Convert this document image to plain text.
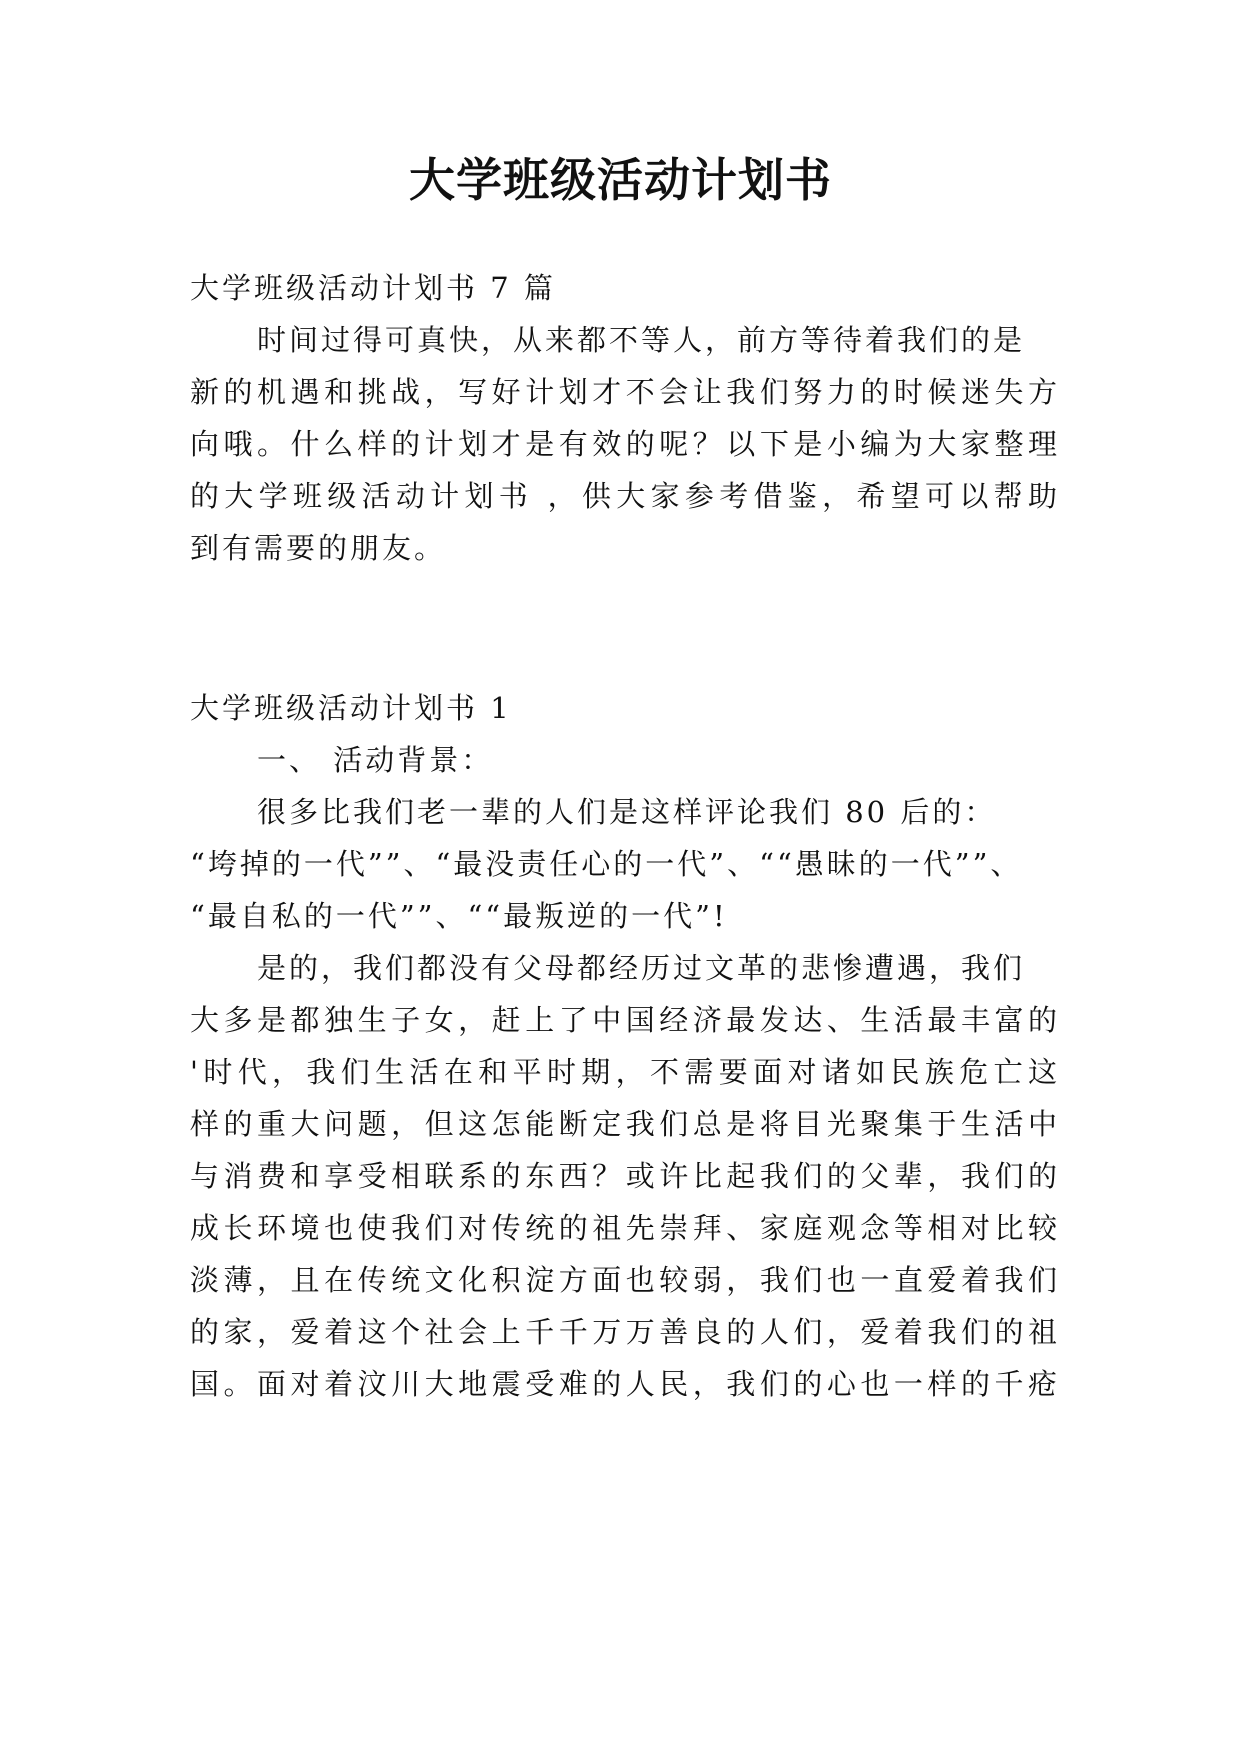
大学班级活动计划书
大学班级活动计划书 7 篇
时间过得可真快，从来都不等人，前方等待着我们的是
新的机遇和挑战，写好计划才不会让我们努力的时候迷失方
向哦。什么样的计划才是有效的呢？以下是小编为大家整理
的大学班级活动计划书 ，供大家参考借鉴，希望可以帮助
到有需要的朋友。
大学班级活动计划书 1
一、 活动背景：
很多比我们老一辈的人们是这样评论我们 80 后的：
“垮掉的一代””、“最没责任心的一代”、““愚昧的一代””、
“最自私的一代””、““最叛逆的一代”!
是的，我们都没有父母都经历过文革的悲惨遭遇，我们
大多是都独生子女，赶上了中国经济最发达、生活最丰富的
'时代，我们生活在和平时期，不需要面对诸如民族危亡这
样的重大问题，但这怎能断定我们总是将目光聚集于生活中
与消费和享受相联系的东西？或许比起我们的父辈，我们的
成长环境也使我们对传统的祖先崇拜、家庭观念等相对比较
淡薄，且在传统文化积淀方面也较弱，我们也一直爱着我们
的家，爱着这个社会上千千万万善良的人们，爱着我们的祖
国。面对着汶川大地震受难的人民，我们的心也一样的千疮
